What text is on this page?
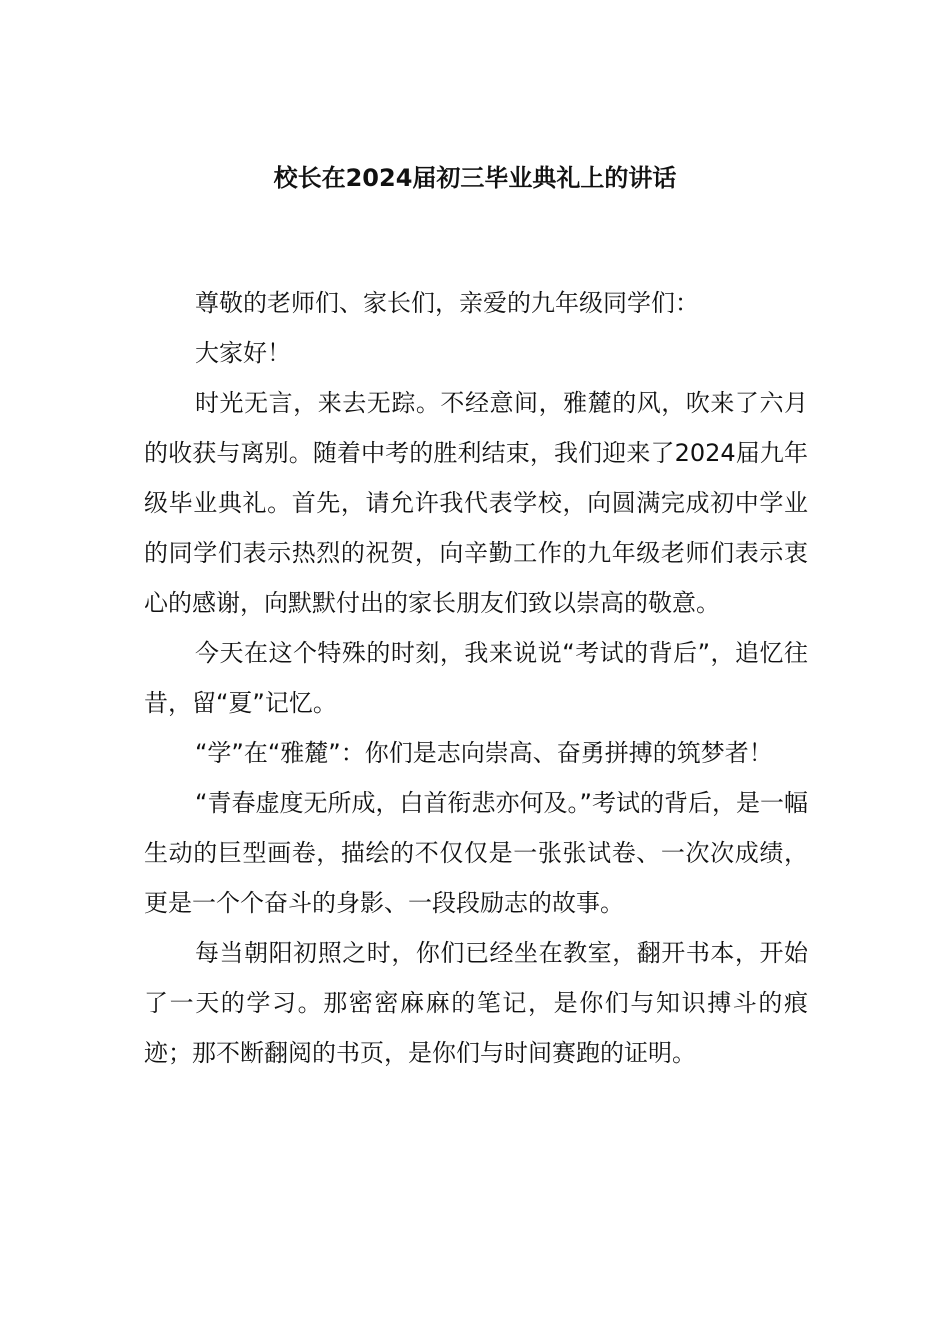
校长在2024届初三毕业典礼上的讲话

尊敬的老师们、家长们，亲爱的九年级同学们：

大家好！

时光无言，来去无踪。不经意间，雅麓的风，吹来了六月的收获与离别。随着中考的胜利结束，我们迎来了2024届九年级毕业典礼。首先，请允许我代表学校，向圆满完成初中学业的同学们表示热烈的祝贺，向辛勤工作的九年级老师们表示衷心的感谢，向默默付出的家长朋友们致以崇高的敬意。

今天在这个特殊的时刻，我来说说“考试的背后”，追忆往昔，留“夏”记忆。

“学”在“雅麓”：你们是志向崇高、奋勇拼搏的筑梦者！

“青春虚度无所成，白首衔悲亦何及。”考试的背后，是一幅生动的巨型画卷，描绘的不仅仅是一张张试卷、一次次成绩，更是一个个奋斗的身影、一段段励志的故事。

每当朝阳初照之时，你们已经坐在教室，翻开书本，开始了一天的学习。那密密麻麻的笔记，是你们与知识搏斗的痕迹；那不断翻阅的书页，是你们与时间赛跑的证明。
